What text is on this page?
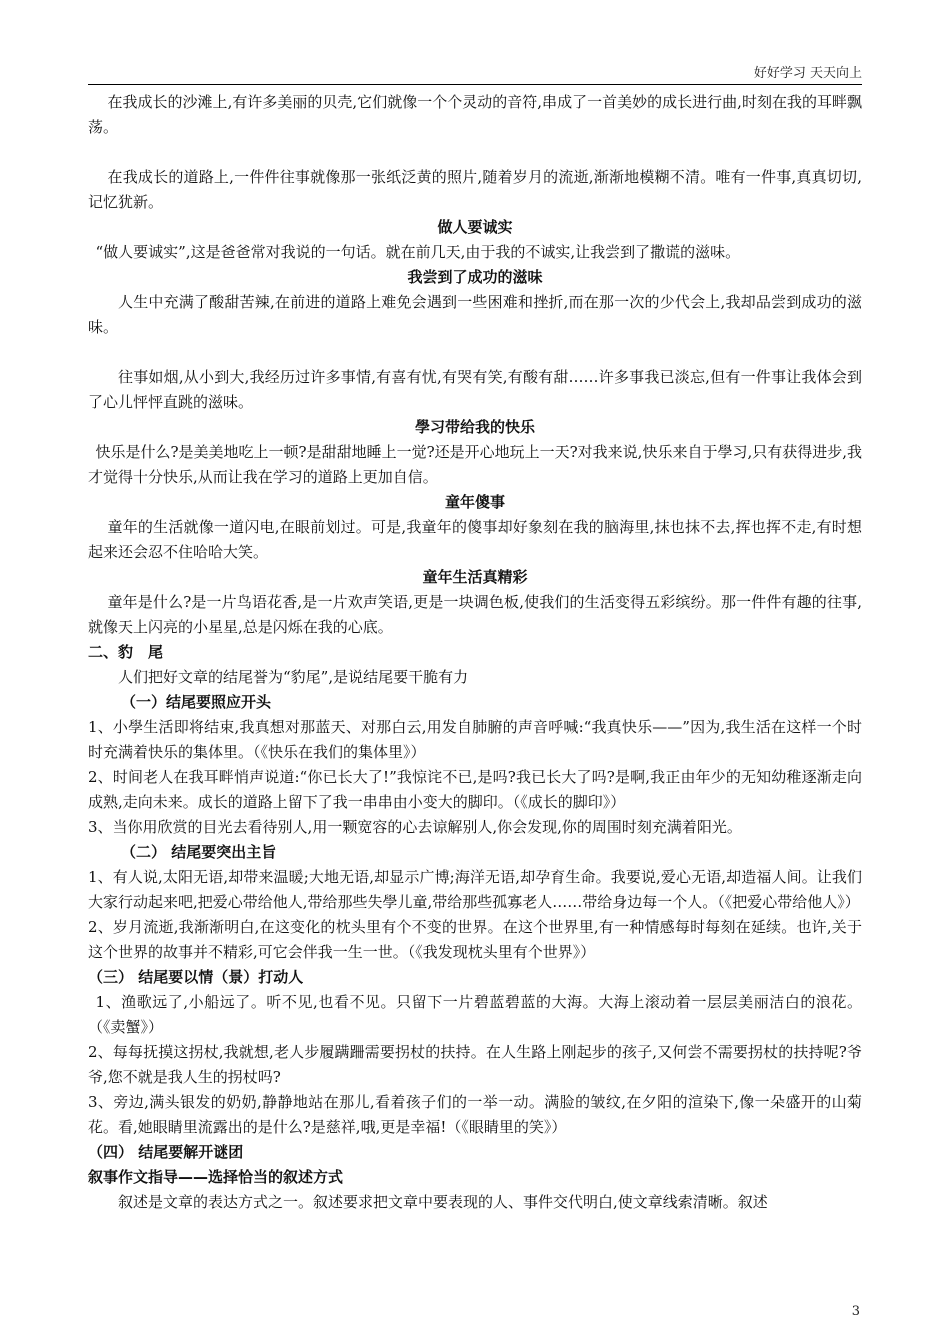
好好学习 天天向上

在我成长的沙滩上,有许多美丽的贝壳,它们就像一个个灵动的音符,串成了一首美妙的成长进行曲,时刻在我的耳畔飘荡。

在我成长的道路上,一件件往事就像那一张纸泛黄的照片,随着岁月的流逝,渐渐地模糊不清。唯有一件事,真真切切,记忆犹新。

做人要诚实

“做人要诚实”,这是爸爸常对我说的一句话。就在前几天,由于我的不诚实,让我尝到了撒谎的滋味。

我尝到了成功的滋味

人生中充满了酸甜苦辣,在前进的道路上难免会遇到一些困难和挫折,而在那一次的少代会上,我却品尝到成功的滋味。

往事如烟,从小到大,我经历过许多事情,有喜有忧,有哭有笑,有酸有甜……许多事我已淡忘,但有一件事让我体会到了心儿怦怦直跳的滋味。

學习带给我的快乐

快乐是什么?是美美地吃上一顿?是甜甜地睡上一觉?还是开心地玩上一天?对我来说,快乐来自于學习,只有获得进步,我才觉得十分快乐,从而让我在学习的道路上更加自信。

童年傻事

童年的生活就像一道闪电,在眼前划过。可是,我童年的傻事却好象刻在我的脑海里,抹也抹不去,挥也挥不走,有时想起来还会忍不住哈哈大笑。

童年生活真精彩

童年是什么?是一片鸟语花香,是一片欢声笑语,更是一块调色板,使我们的生活变得五彩缤纷。那一件件有趣的往事,就像天上闪亮的小星星,总是闪烁在我的心底。

二、豹　尾

人们把好文章的结尾誉为“豹尾”,是说结尾要干脆有力

（一）结尾要照应开头

1、小學生活即将结束,我真想对那蓝天、对那白云,用发自肺腑的声音呼喊:“我真快乐——”因为,我生活在这样一个时时充满着快乐的集体里。（《快乐在我们的集体里》）

2、时间老人在我耳畔悄声说道:“你已长大了!”我惊诧不已,是吗?我已长大了吗?是啊,我正由年少的无知幼稚逐渐走向成熟,走向未来。成长的道路上留下了我一串串由小变大的脚印。（《成长的脚印》）

3、当你用欣赏的目光去看待别人,用一颗宽容的心去谅解别人,你会发现,你的周围时刻充满着阳光。

（二） 结尾要突出主旨

1、有人说,太阳无语,却带来温暖;大地无语,却显示广博;海洋无语,却孕育生命。我要说,爱心无语,却造福人间。让我们大家行动起来吧,把爱心带给他人,带给那些失學儿童,带给那些孤寡老人……带给身边每一个人。（《把爱心带给他人》）

2、岁月流逝,我渐渐明白,在这变化的枕头里有个不变的世界。在这个世界里,有一种情感每时每刻在延续。也许,关于这个世界的故事并不精彩,可它会伴我一生一世。（《我发现枕头里有个世界》）

（三） 结尾要以情（景）打动人

1、渔歌远了,小船远了。听不见,也看不见。只留下一片碧蓝碧蓝的大海。大海上滚动着一层层美丽洁白的浪花。（《卖蟹》）

2、每每抚摸这拐杖,我就想,老人步履蹒跚需要拐杖的扶持。在人生路上刚起步的孩子,又何尝不需要拐杖的扶持呢?爷爷,您不就是我人生的拐杖吗?

3、旁边,满头银发的奶奶,静静地站在那儿,看着孩子们的一举一动。满脸的皱纹,在夕阳的渲染下,像一朵盛开的山菊花。看,她眼睛里流露出的是什么?是慈祥,哦,更是幸福!（《眼睛里的笑》）

（四） 结尾要解开谜团

叙事作文指导——选择恰当的叙述方式

叙述是文章的表达方式之一。叙述要求把文章中要表现的人、事件交代明白,使文章线索清晰。叙述

3
